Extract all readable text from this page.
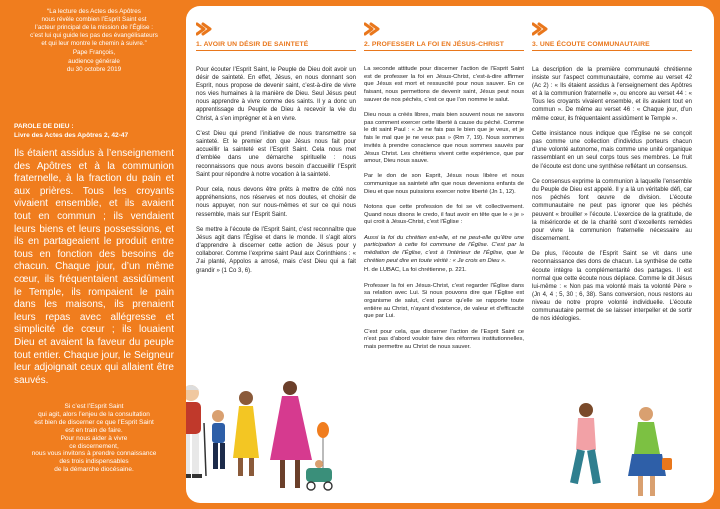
“La lecture des Actes des Apôtres
nous révèle combien l’Esprit Saint est
l’acteur principal de la mission de l’Église :
c’est lui qui guide les pas des évangélisateurs
et qui leur montre le chemin à suivre.”
Pape François,
audience générale
du 30 octobre 2019
PAROLE DE DIEU :
Livre des Actes des Apôtres 2, 42-47
Ils étaient assidus à l’enseignement des Apôtres et à la communion fraternelle, à la fraction du pain et aux prières. Tous les croyants vivaient ensemble, et ils avaient tout en commun ; ils vendaient leurs biens et leurs possessions, et ils en partageaient le produit entre tous en fonction des besoins de chacun. Chaque jour, d’un même cœur, ils fréquentaient assidûment le Temple, ils rompaient le pain dans les maisons, ils prenaient leurs repas avec allégresse et simplicité de cœur ; ils louaient Dieu et avaient la faveur du peuple tout entier. Chaque jour, le Seigneur leur adjoignait ceux qui allaient être sauvés.
Si c’est l’Esprit Saint
qui agit, alors l’enjeu de la consultation
est bien de discerner ce que l’Esprit Saint
est en train de faire.
Pour nous aider à vivre
ce discernement,
nous vous invitons à prendre connaissance
des trois indispensables
de la démarche diocésaine.
1. AVOIR UN DÉSIR DE SAINTETÉ

Pour écouter l’Esprit Saint, le Peuple de Dieu doit avoir un désir de sainteté. En effet, Jésus, en nous donnant son Esprit, nous propose de devenir saint, c’est-à-dire de vivre nos vies humaines à la manière de Dieu. Seul Jésus peut nous apprendre à vivre comme des saints. Il y a donc un apprentissage du Peuple de Dieu à recevoir la vie du Christ, à s’en imprégner et à en vivre.

C’est Dieu qui prend l’initiative de nous transmettre sa sainteté. Et le premier don que Jésus nous fait pour accueillir la sainteté est l’Esprit Saint. Cela nous met d’emblée dans une démarche spirituelle : nous reconnaissons que nous avons besoin d’accueillir l’Esprit Saint pour répondre à notre vocation à la sainteté.

Pour cela, nous devons être prêts à mettre de côté nos appréhensions, nos réserves et nos doutes, et choisir de nous appuyer, non sur nous-mêmes et sur ce qui nous ressemble, mais sur l’Esprit Saint.

Se mettre à l’écoute de l’Esprit Saint, c’est reconnaître que Jésus agit dans l’Église et dans le monde. Il s’agit alors d’apprendre à discerner cette action de Jésus pour y collaborer. Comme l’exprime saint Paul aux Corinthiens : « J’ai planté, Appolos a arrosé, mais c’est Dieu qui a fait grandir » (1 Co 3, 6).

2. PROFESSER LA FOI EN JÉSUS-CHRIST

La seconde attitude pour discerner l’action de l’Esprit Saint est de professer la foi en Jésus-Christ, c’est-à-dire affirmer que Jésus est mort et ressuscité pour nous sauver. En ce faisant, nous permettons de devenir saint, Jésus peut nous sauver de nos péchés, c’est ce que l’on nomme le salut.

Dieu nous a créés libres, mais bien souvent nous ne savons pas comment exercer cette liberté à cause du péché. Comme le dit saint Paul : « Je ne fais pas le bien que je veux, et je fais le mal que je ne veux pas » (Rm 7, 19). Nous sommes invités à prendre conscience que nous sommes sauvés par Jésus Christ. Les chrétiens vivent cette expérience, que par amour, Dieu nous sauve.

Par le don de son Esprit, Jésus nous libère et nous communique sa sainteté afin que nous devenions enfants de Dieu et que nous puissions exercer notre liberté (Jn 1, 12).

Notons que cette profession de foi se vit collectivement. Quand nous disons le credo, il faut avoir en tête que le « je » qui croit à Jésus-Christ, c’est l’Église :

Aussi la foi du chrétien est-elle, et ne peut-elle qu’être une participation à cette foi commune de l’Église. C’est par la médiation de l’Église, c’est à l’intérieur de l’Église, que le chrétien peut dire en toute vérité : « Je crois en Dieu ».

H. de LUBAC, La foi chrétienne, p. 221.

Professer la foi en Jésus-Christ, c’est regarder l’Église dans sa relation avec Lui. Si nous pouvons dire que l’Église est organisme de salut, c’est parce qu’elle se rapporte toute entière au Christ, n’ayant d’existence, de valeur et d’efficacité que par Lui.

C’est pour cela, que discerner l’action de l’Esprit Saint ce n’est pas d’abord vouloir faire des réformes institutionnelles, mais permettre au Christ de nous sauver.

3. UNE ÉCOUTE COMMUNAUTAIRE

La description de la première communauté chrétienne insiste sur l’aspect communautaire, comme au verset 42 (Ac 2) : « Ils étaient assidus à l’enseignement des Apôtres et à la communion fraternelle », ou encore au verset 44 : « Tous les croyants vivaient ensemble, et ils avaient tout en commun ». De même au verset 46 : « Chaque jour, d’un même cœur, ils fréquentaient assidûment le Temple ».

Cette insistance nous indique que l’Église ne se conçoit pas comme une collection d’individus porteurs chacun d’une volonté autonome, mais comme une unité organique rassemblant en un seul corps tous ses membres. Le fruit de l’écoute est donc une synthèse reflétant un consensus.

Ce consensus exprime la communion à laquelle l’ensemble du Peuple de Dieu est appelé. Il y a là un véritable défi, car nos péchés font œuvre de division. L’écoute communautaire ne peut pas ignorer que les péchés peuvent « brouiller » l’écoute. L’exercice de la gratitude, de la miséricorde et de la charité sont d’excellents remèdes pour vivre la communion fraternelle nécessaire au discernement.

De plus, l’écoute de l’Esprit Saint se vit dans une reconnaissance des dons de chacun. La synthèse de cette écoute intègre la complémentarité des partages. Il est normal que cette écoute nous déplace. Comme le dit Jésus lui-même : « Non pas ma volonté mais ta volonté Père » (Jn 4, 4 ; 5, 30 ; 6, 38). Sans conversion, nous restons au niveau de notre propre volonté individuelle. L’écoute communautaire permet de se laisser interpeller et de sortir de nos idéologies.
